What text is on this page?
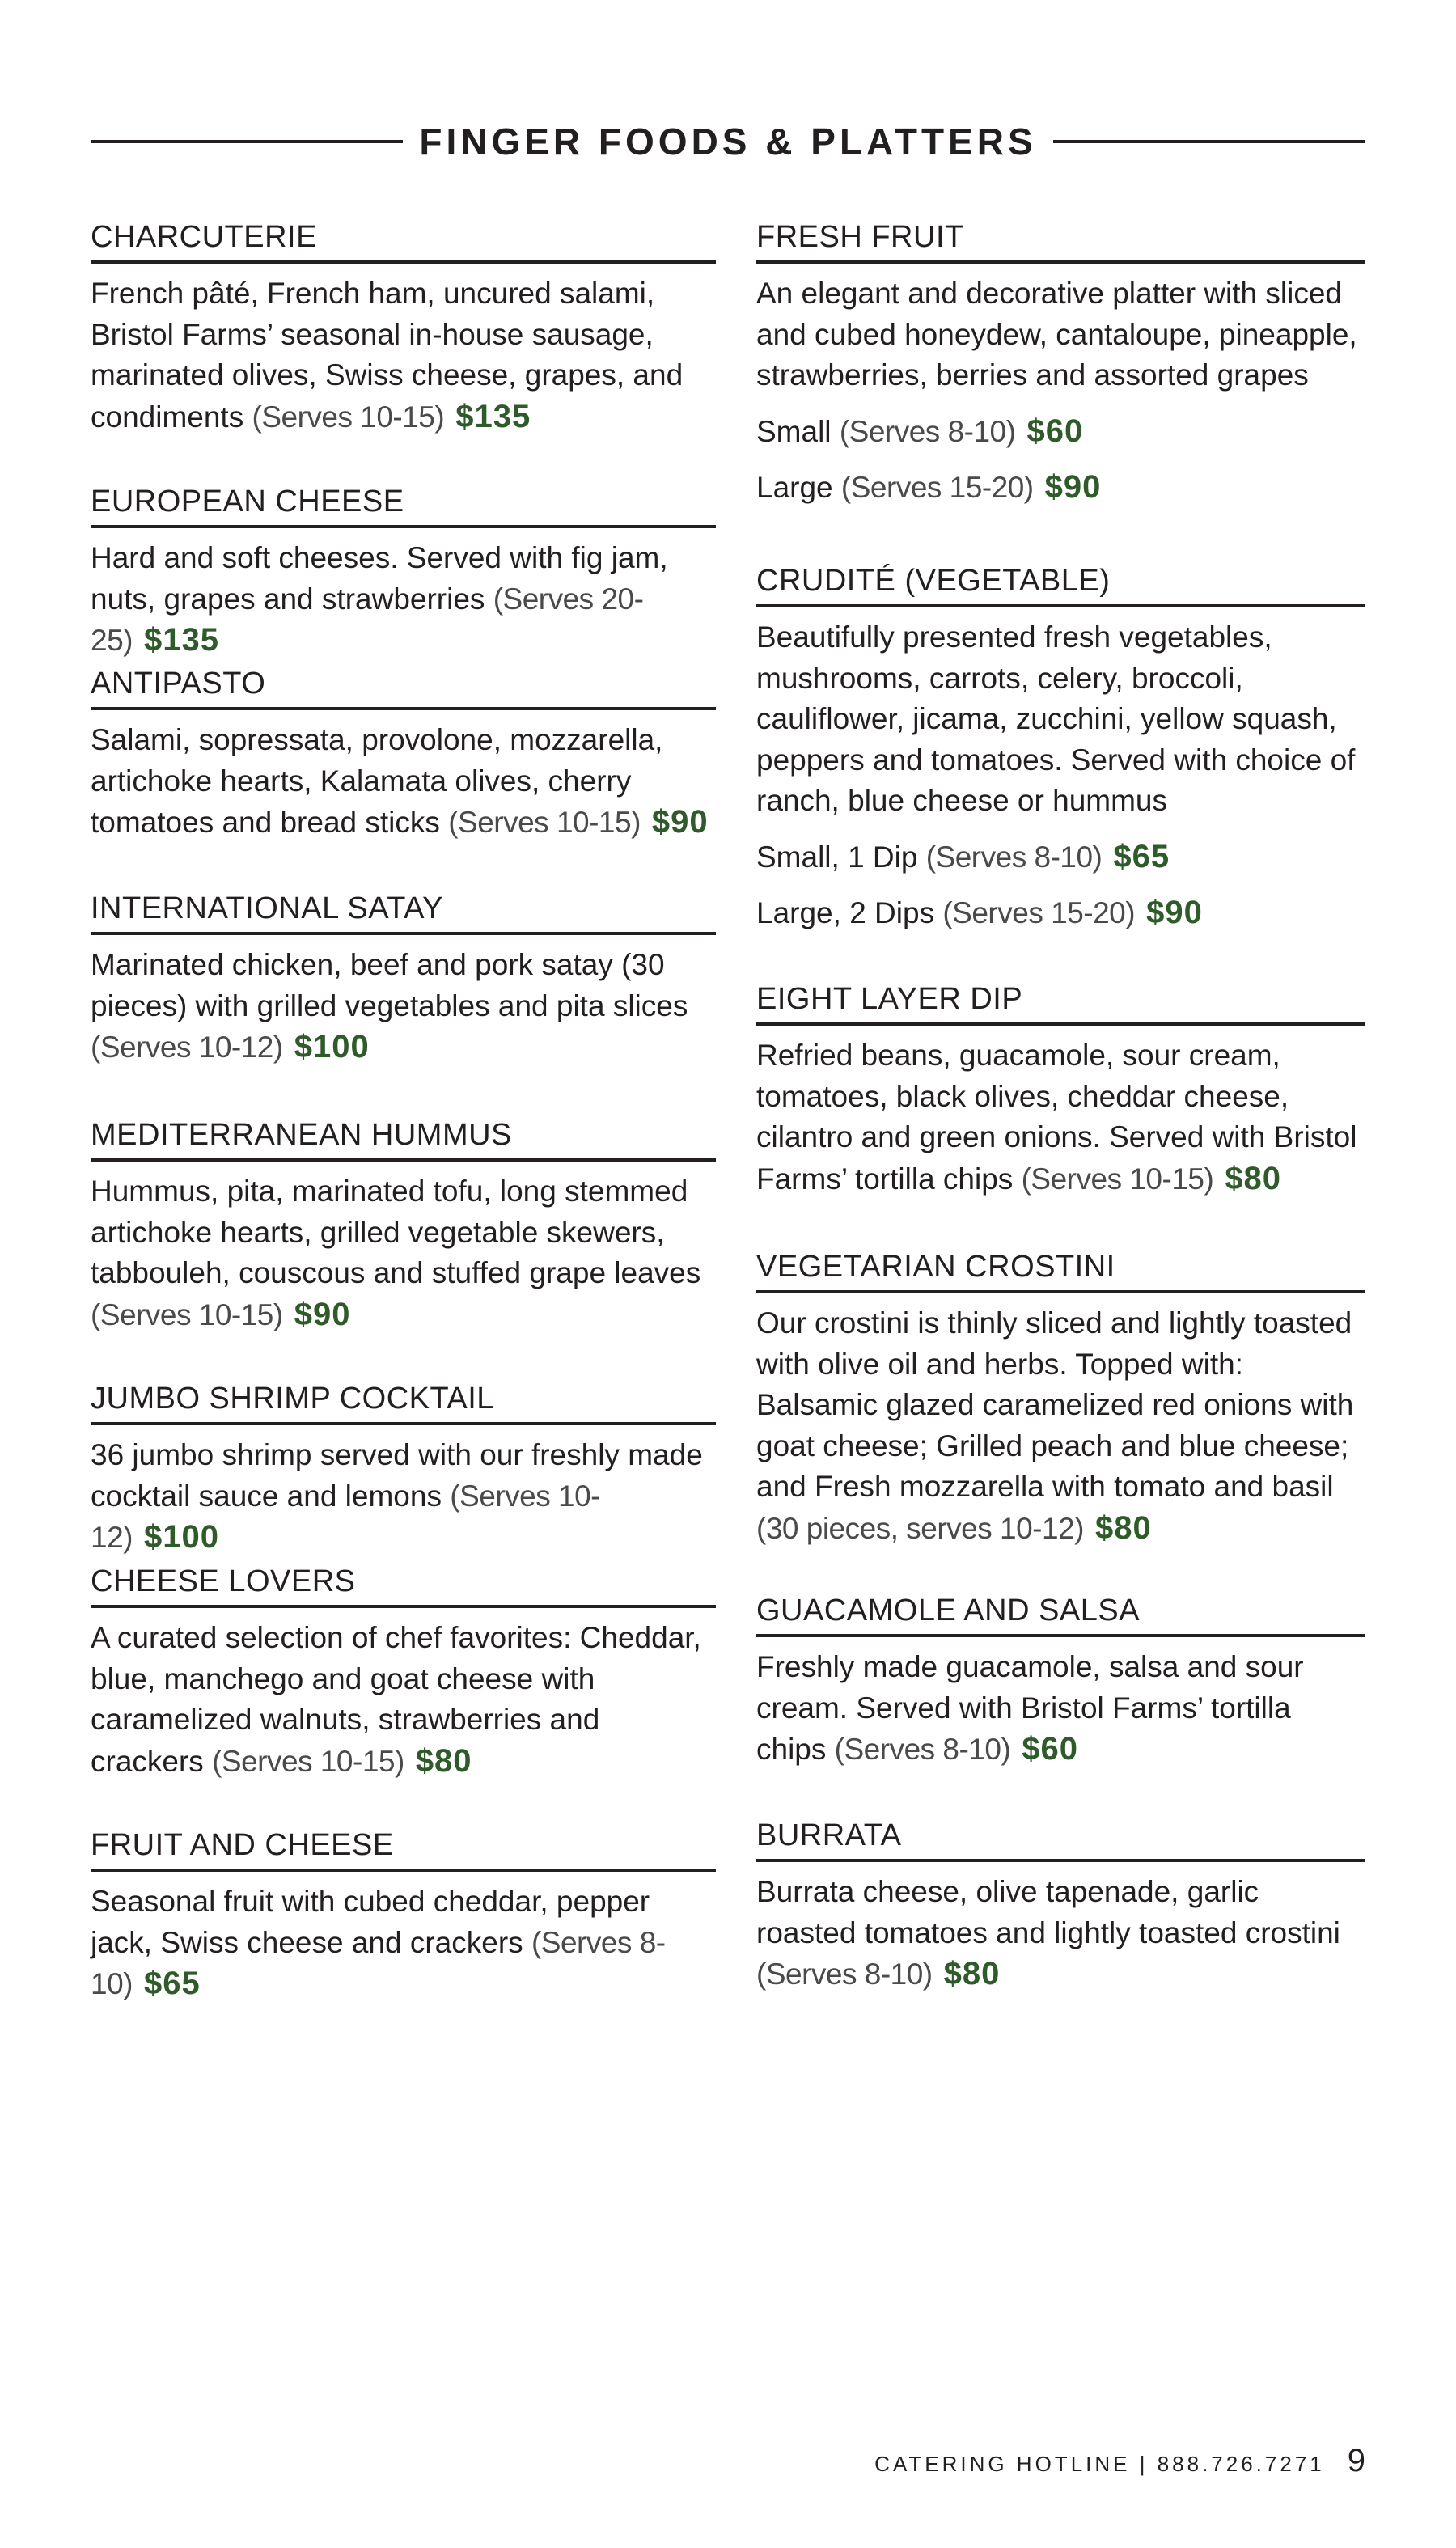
FINGER FOODS & PLATTERS
CHARCUTERIE
French pâté, French ham, uncured salami, Bristol Farms’ seasonal in-house sausage, marinated olives, Swiss cheese, grapes, and condiments (Serves 10-15) $135
EUROPEAN CHEESE
Hard and soft cheeses. Served with fig jam, nuts, grapes and strawberries (Serves 20-25) $135
ANTIPASTO
Salami, sopressata, provolone, mozzarella, artichoke hearts, Kalamata olives, cherry tomatoes and bread sticks (Serves 10-15) $90
INTERNATIONAL SATAY
Marinated chicken, beef and pork satay (30 pieces) with grilled vegetables and pita slices (Serves 10-12) $100
MEDITERRANEAN HUMMUS
Hummus, pita, marinated tofu, long stemmed artichoke hearts, grilled vegetable skewers, tabbouleh, couscous and stuffed grape leaves (Serves 10-15) $90
JUMBO SHRIMP COCKTAIL
36 jumbo shrimp served with our freshly made cocktail sauce and lemons (Serves 10-12) $100
CHEESE LOVERS
A curated selection of chef favorites: Cheddar, blue, manchego and goat cheese with caramelized walnuts, strawberries and crackers (Serves 10-15) $80
FRUIT AND CHEESE
Seasonal fruit with cubed cheddar, pepper jack, Swiss cheese and crackers (Serves 8-10) $65
FRESH FRUIT
An elegant and decorative platter with sliced and cubed honeydew, cantaloupe, pineapple, strawberries, berries and assorted grapes
Small (Serves 8-10) $60
Large (Serves 15-20) $90
CRUDITÉ (VEGETABLE)
Beautifully presented fresh vegetables, mushrooms, carrots, celery, broccoli, cauliflower, jicama, zucchini, yellow squash, peppers and tomatoes. Served with choice of ranch, blue cheese or hummus
Small, 1 Dip (Serves 8-10) $65
Large, 2 Dips (Serves 15-20) $90
EIGHT LAYER DIP
Refried beans, guacamole, sour cream, tomatoes, black olives, cheddar cheese, cilantro and green onions. Served with Bristol Farms’ tortilla chips (Serves 10-15) $80
VEGETARIAN CROSTINI
Our crostini is thinly sliced and lightly toasted with olive oil and herbs. Topped with: Balsamic glazed caramelized red onions with goat cheese; Grilled peach and blue cheese; and Fresh mozzarella with tomato and basil (30 pieces, serves 10-12) $80
GUACAMOLE AND SALSA
Freshly made guacamole, salsa and sour cream. Served with Bristol Farms’ tortilla chips (Serves 8-10) $60
BURRATA
Burrata cheese, olive tapenade, garlic roasted tomatoes and lightly toasted crostini (Serves 8-10) $80
CATERING HOTLINE | 888.726.7271 9
